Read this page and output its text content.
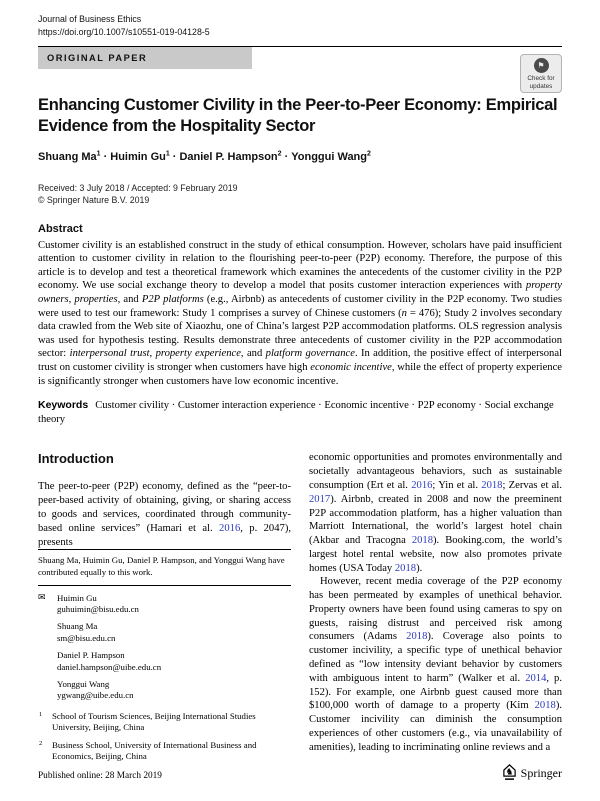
Journal of Business Ethics
https://doi.org/10.1007/s10551-019-04128-5
ORIGINAL PAPER
⚑
Check for updates
Enhancing Customer Civility in the Peer-to-Peer Economy: Empirical Evidence from the Hospitality Sector
Shuang $Ma^1 \cdot Huimin$ $Gu^1$ · Daniel P. Hampson$^2$ · Yonggui Wang$^2$
Received: 3 July 2018 / Accepted: 9 February 2019
© Springer Nature B.V. 2019
Abstract
Customer civility is an established construct in the study of ethical consumption. However, scholars have paid insufficient attention to customer civility in relation to the flourishing peer-to-peer (P2P) economy. Therefore, the purpose of this article is to develop and test a theoretical framework which examines the antecedents of the customer civility in the P2P economy. We use social exchange theory to develop a model that posits customer interaction experiences with property owners, properties, and P2P platforms (e.g., Airbnb) as antecedents of customer civility in the P2P economy. Two studies were used to test our framework: Study 1 comprises a survey of Chinese customers (n = 476); Study 2 involves secondary data crawled from the Web site of Xiaozhu, one of China’s largest P2P accommodation platforms. OLS regression analysis was used for hypothesis testing. Results demonstrate three antecedents of customer civility in the P2P accommodation sector: interpersonal trust, property experience, and platform governance. In addition, the positive effect of interpersonal trust on customer civility is stronger when customers have high economic incentive, while the effect of property experience is significantly stronger when customers have low economic incentive.
Keywords Customer civility · Customer interaction experience · Economic incentive · P2P economy · Social exchange theory
Introduction

The peer-to-peer (P2P) economy, defined as the “peer-to-peer-based activity of obtaining, giving, or sharing access to goods and services, coordinated through community-based online services” (Hamari et al. 2016, p. 2047), presents

Shuang Ma, Huimin Gu, Daniel P. Hampson, and Yonggui Wang have contributed equally to this work.
✉ Huimin Gu
guhuimin@bisu.edu.cn
Shuang Ma
sm@bisu.edu.cn
Daniel P. Hampson
daniel.hampson@uibe.edu.cn
Yonggui Wang
ygwang@uibe.edu.cn
1 School of Tourism Sciences, Beijing International Studies University, Beijing, China
2 Business School, University of International Business and Economics, Beijing, China

economic opportunities and promotes environmentally and societally advantageous behaviors, such as sustainable consumption (Ert et al. 2016; Yin et al. 2018; Zervas et al. 2017). Airbnb, created in 2008 and now the preeminent P2P accommodation platform, has a higher valuation than Marriott International, the world’s largest hotel chain (Akbar and Tracogna 2018). Booking.com, the world’s largest hotel rental website, now also promotes private homes (USA Today 2018).

However, recent media coverage of the P2P economy has been permeated by examples of unethical behavior. Property owners have been found using cameras to spy on guests, raising distrust and perceived risk among consumers (Adams 2018). Coverage also points to customer incivility, a specific type of unethical behavior defined as “low intensity deviant behavior by customers with ambiguous intent to harm” (Walker et al. 2014, p. 152). For example, one Airbnb guest caused more than $100,000 worth of damage to a property (Kim 2018). Customer incivility can diminish the consumption experiences of other customers (e.g., via unavailability of amenities), leading to incriminating online reviews and a

Published online: 28 March 2019	♞ Springer
